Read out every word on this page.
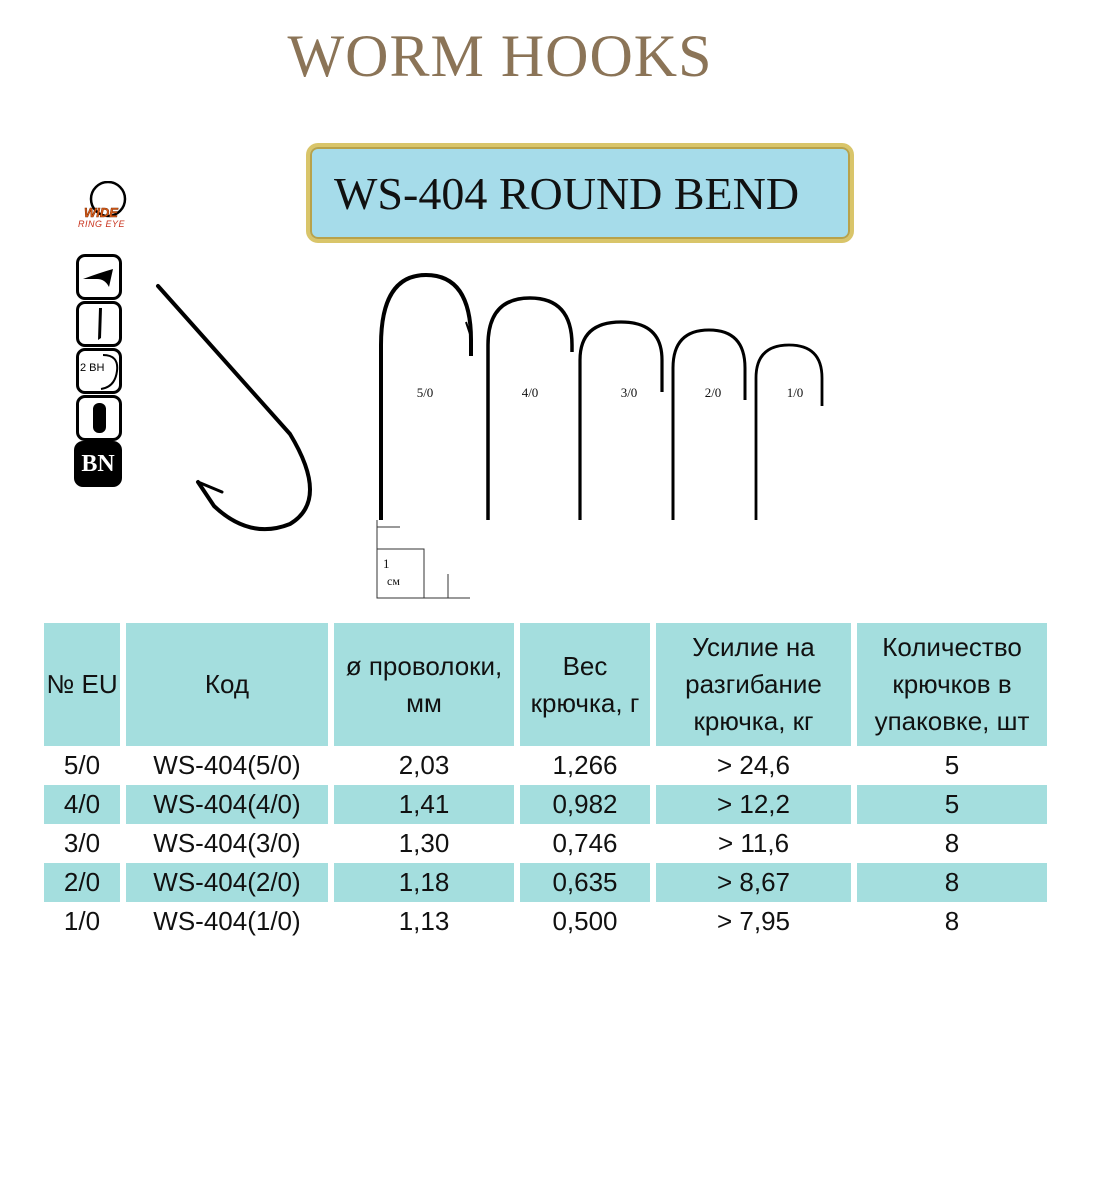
WORM HOOKS
WS-404 ROUND BEND
WIDE
RING EYE
2 BH
BN
5/0	4/0	3/0	2/0	1/0
1
см
№ EU	Код	ø проволоки, мм	Вес крючка, г	Усилие на разгибание крючка, кг	Количество крючков в упаковке, шт
5/0	WS-404(5/0)	2,03	1,266	> 24,6	5
4/0	WS-404(4/0)	1,41	0,982	> 12,2	5
3/0	WS-404(3/0)	1,30	0,746	> 11,6	8
2/0	WS-404(2/0)	1,18	0,635	> 8,67	8
1/0	WS-404(1/0)	1,13	0,500	> 7,95	8
